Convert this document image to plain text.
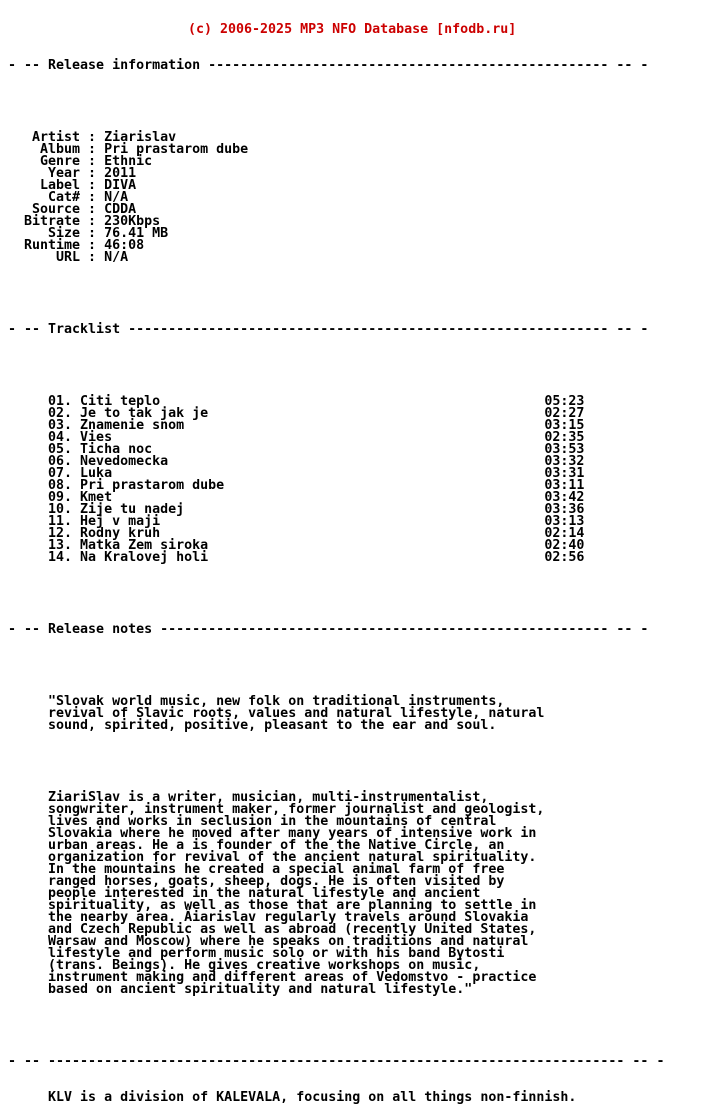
(c) 2006-2025 MP3 NFO Database [nfodb.ru]

- -- Release information -------------------------------------------------- -- -

Artist : Ziarislav
Album : Pri prastarom dube
Genre : Ethnic
Year : 2011
Label : DIVA
Cat# : N/A
Source : CDDA
Bitrate : 230Kbps
Size : 76.41 MB
Runtime : 46:08
URL : N/A

- -- Tracklist ------------------------------------------------------------ -- -

01. Citi teplo                                                05:23
02. Je to tak jak je                                          02:27
03. Znamenie snom                                             03:15
04. Vies                                                      02:35
05. Ticha noc                                                 03:53
06. Nevedomecka                                               03:32
07. Luka                                                      03:31
08. Pri prastarom dube                                        03:11
09. Kmet                                                      03:42
10. Zije tu nadej                                             03:36
11. Hej v maji                                                03:13
12. Rodny kruh                                                02:14
13. Matka Zem siroka                                          02:40
14. Na Kralovej holi                                          02:56

- -- Release notes -------------------------------------------------------- -- -

"Slovak world music, new folk on traditional instruments,
revival of Slavic roots, values and natural lifestyle, natural
sound, spirited, positive, pleasant to the ear and soul.

ZiariSlav is a writer, musician, multi-instrumentalist,
songwriter, instrument maker, former journalist and geologist,
lives and works in seclusion in the mountains of central
Slovakia where he moved after many years of intensive work in
urban areas. He a is founder of the the Native Circle, an
organization for revival of the ancient natural spirituality.
In the mountains he created a special animal farm of free
ranged horses, goats, sheep, dogs. He is often visited by
people interested in the natural lifestyle and ancient
spirituality, as well as those that are planning to settle in
the nearby area. Äiarislav regularly travels around Slovakia
and Czech Republic as well as abroad (recently United States,
Warsaw and Moscow) where he speaks on traditions and natural
lifestyle and perform music solo or with his band Bytosti
(trans. Beings). He gives creative workshops on music,
instrument making and different areas of Vedomstvo - practice
based on ancient spirituality and natural lifestyle."

- -- ------------------------------------------------------------------------ -- -

KLV is a division of KALEVALA, focusing on all things non-finnish.
